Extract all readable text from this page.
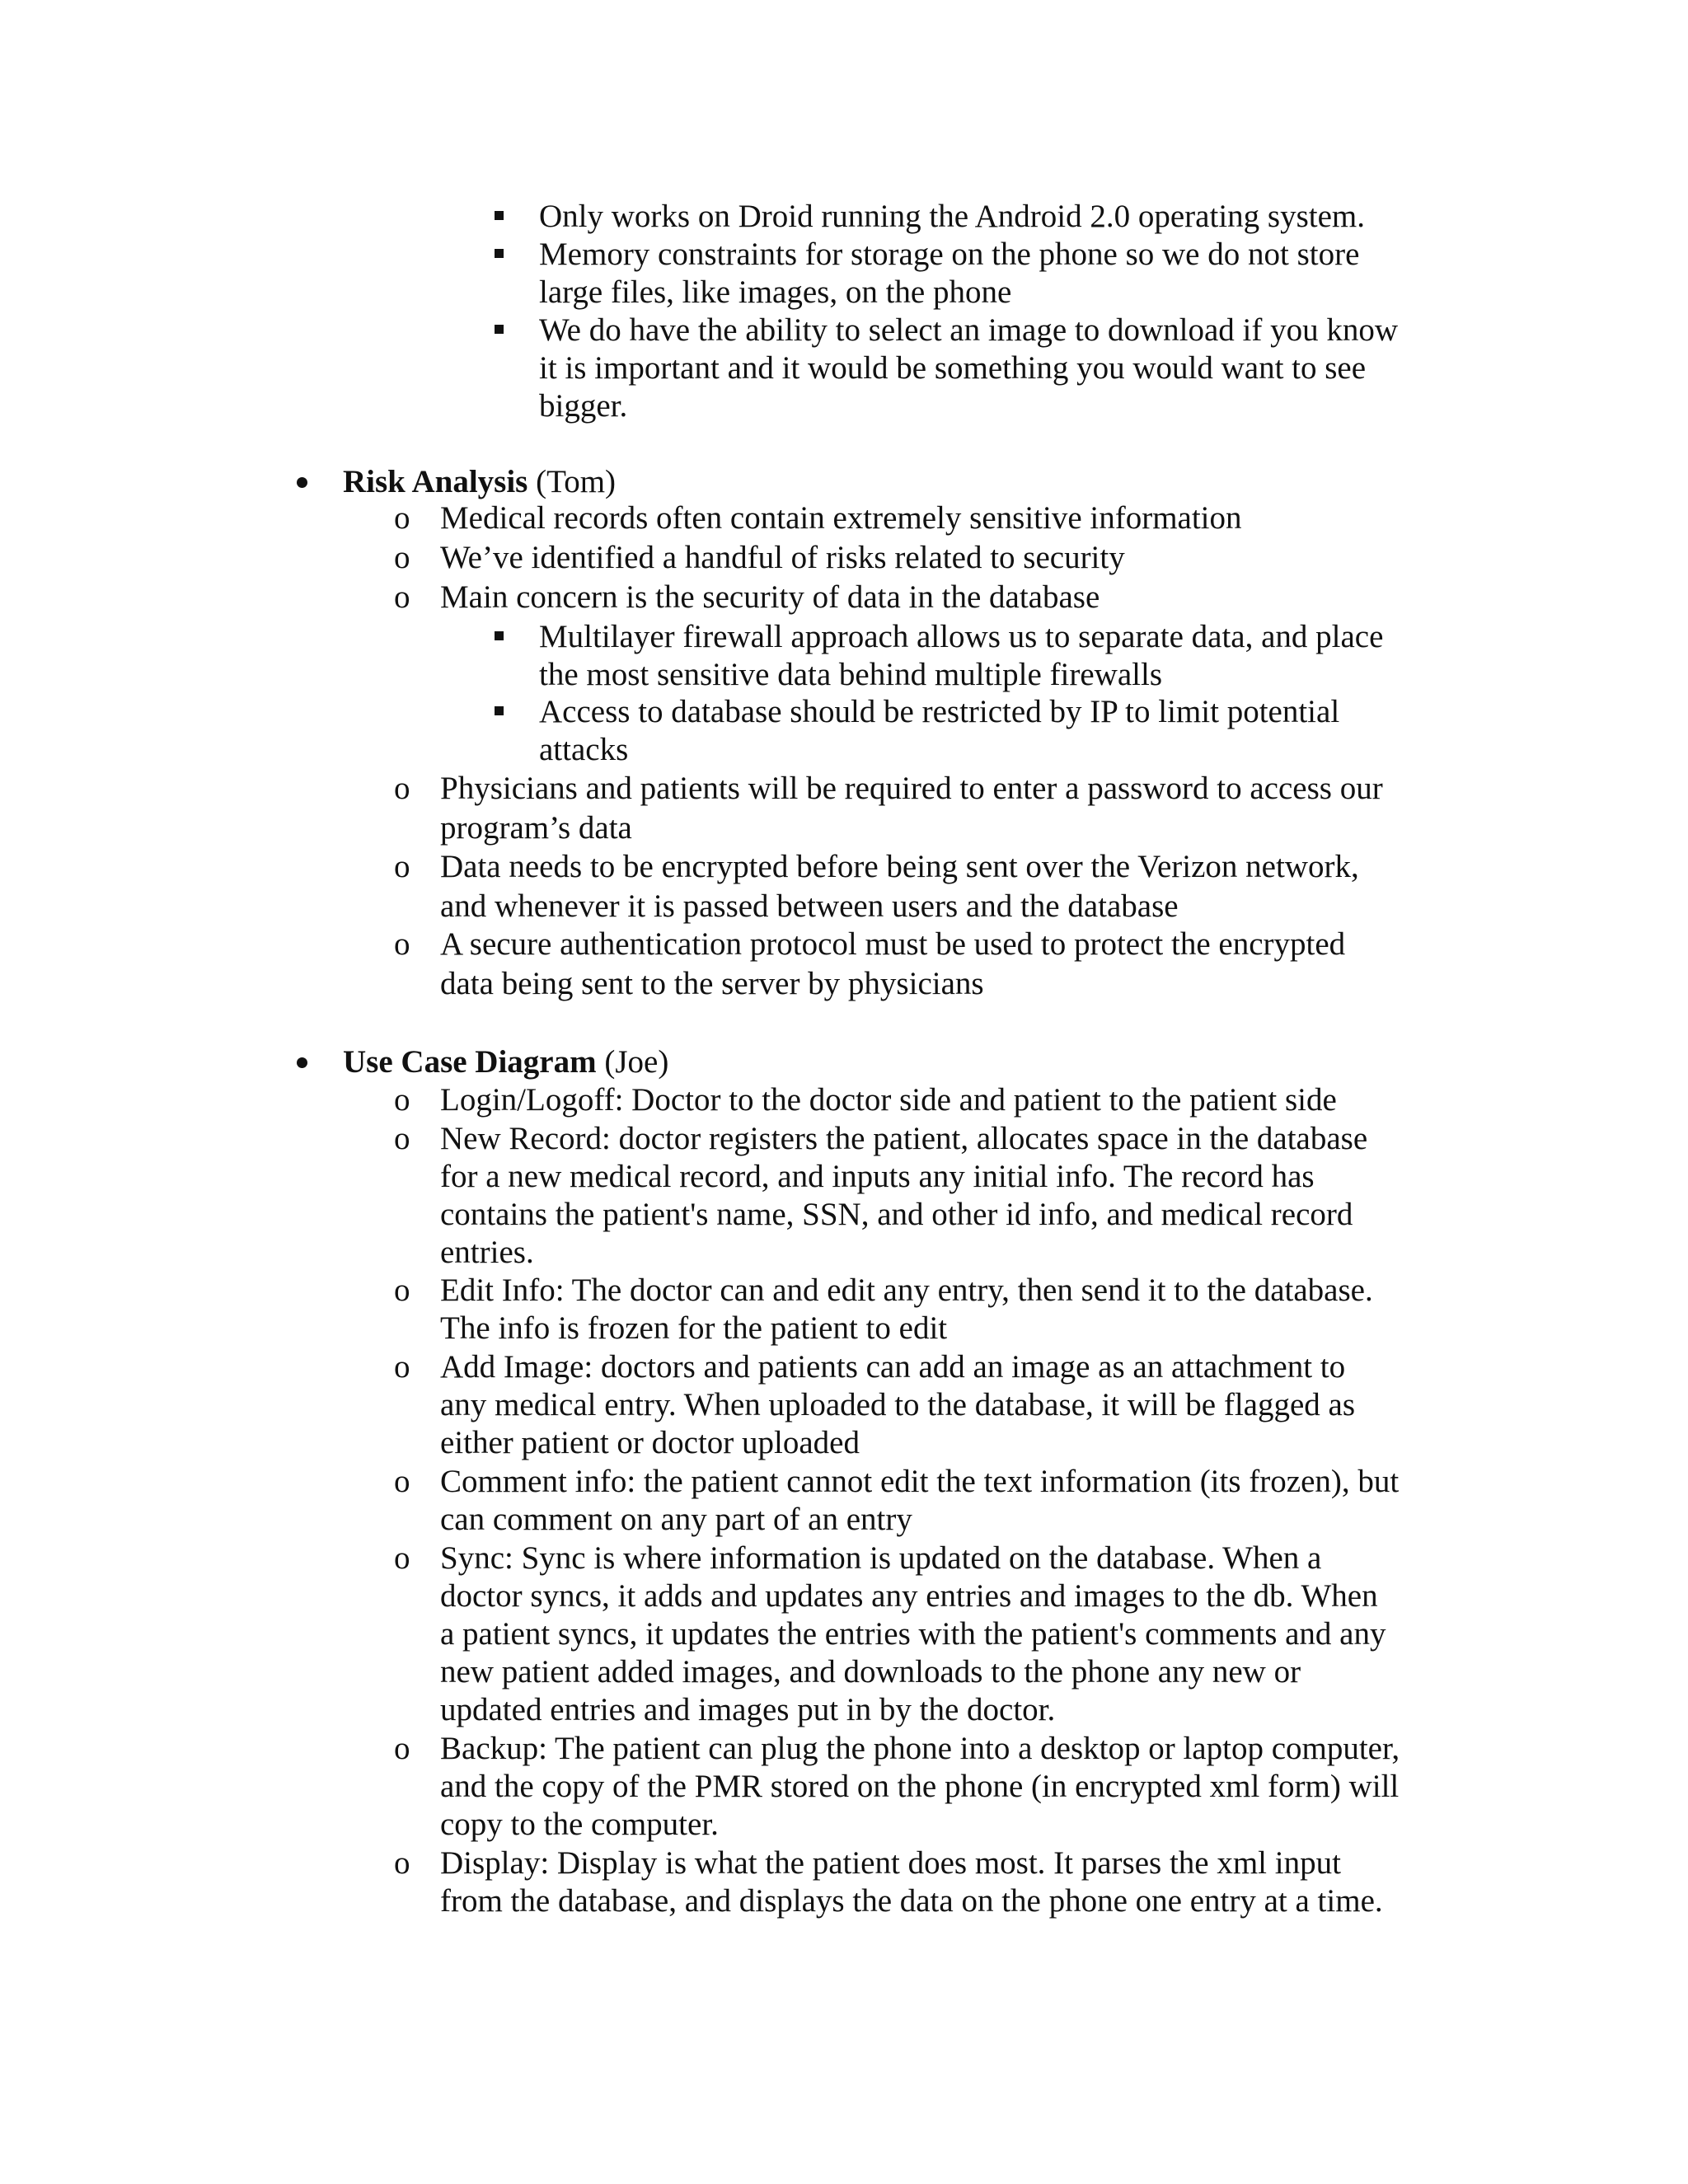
Only works on Droid running the Android 2.0 operating system.
Memory constraints for storage on the phone so we do not store
large files, like images, on the phone
We do have the ability to select an image to download if you know
it is important and it would be something you would want to see
bigger.
Risk Analysis (Tom)
o Medical records often contain extremely sensitive information
o We’ve identified a handful of risks related to security
o Main concern is the security of data in the database
Multilayer firewall approach allows us to separate data, and place
the most sensitive data behind multiple firewalls
Access to database should be restricted by IP to limit potential
attacks
o Physicians and patients will be required to enter a password to access our
program’s data
o Data needs to be encrypted before being sent over the Verizon network,
and whenever it is passed between users and the database
o A secure authentication protocol must be used to protect the encrypted
data being sent to the server by physicians
Use Case Diagram (Joe)
o Login/Logoff: Doctor to the doctor side and patient to the patient side
o New Record: doctor registers the patient, allocates space in the database
for a new medical record, and inputs any initial info. The record has
contains the patient's name, SSN, and other id info, and medical record
entries.
o Edit Info: The doctor can and edit any entry, then send it to the database.
The info is frozen for the patient to edit
o Add Image: doctors and patients can add an image as an attachment to
any medical entry. When uploaded to the database, it will be flagged as
either patient or doctor uploaded
o Comment info: the patient cannot edit the text information (its frozen), but
can comment on any part of an entry
o Sync: Sync is where information is updated on the database. When a
doctor syncs, it adds and updates any entries and images to the db. When
a patient syncs, it updates the entries with the patient's comments and any
new patient added images, and downloads to the phone any new or
updated entries and images put in by the doctor.
o Backup: The patient can plug the phone into a desktop or laptop computer,
and the copy of the PMR stored on the phone (in encrypted xml form) will
copy to the computer.
o Display: Display is what the patient does most. It parses the xml input
from the database, and displays the data on the phone one entry at a time.
